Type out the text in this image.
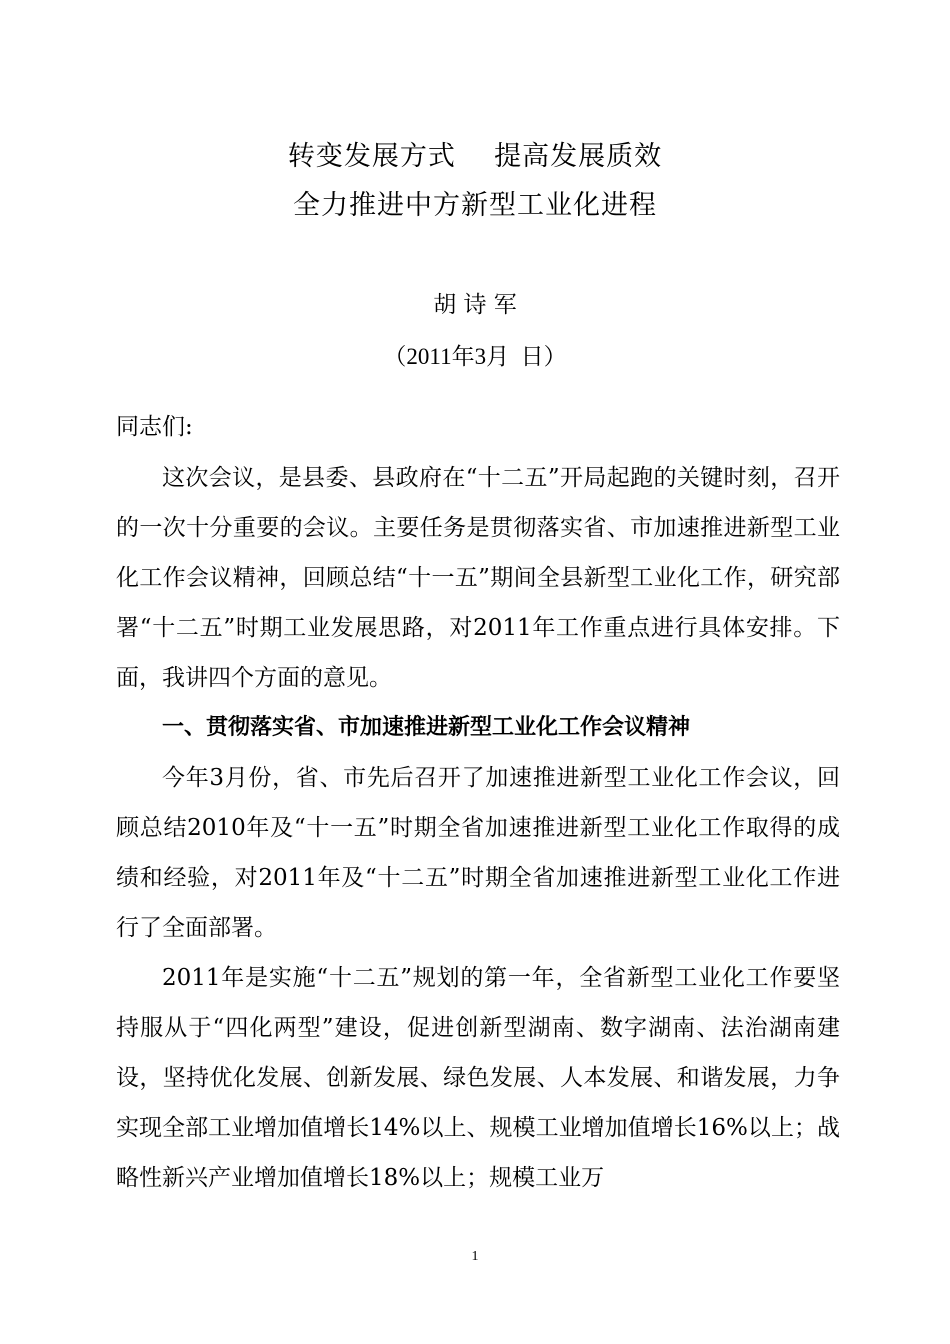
转变发展方式    提高发展质效
全力推进中方新型工业化进程
胡 诗 军
（2011年3月  日）

同志们:

这次会议，是县委、县政府在“十二五”开局起跑的关键时刻，召开的一次十分重要的会议。主要任务是贯彻落实省、市加速推进新型工业化工作会议精神，回顾总结“十一五”期间全县新型工业化工作，研究部署“十二五”时期工业发展思路，对2011年工作重点进行具体安排。下面，我讲四个方面的意见。

一、贯彻落实省、市加速推进新型工业化工作会议精神

今年3月份，省、市先后召开了加速推进新型工业化工作会议，回顾总结2010年及“十一五”时期全省加速推进新型工业化工作取得的成绩和经验，对2011年及“十二五”时期全省加速推进新型工业化工作进行了全面部署。

2011年是实施“十二五”规划的第一年，全省新型工业化工作要坚持服从于“四化两型”建设，促进创新型湖南、数字湖南、法治湖南建设，坚持优化发展、创新发展、绿色发展、人本发展、和谐发展，力争实现全部工业增加值增长14%以上、规模工业增加值增长16%以上；战略性新兴产业增加值增长18%以上；规模工业万

1
